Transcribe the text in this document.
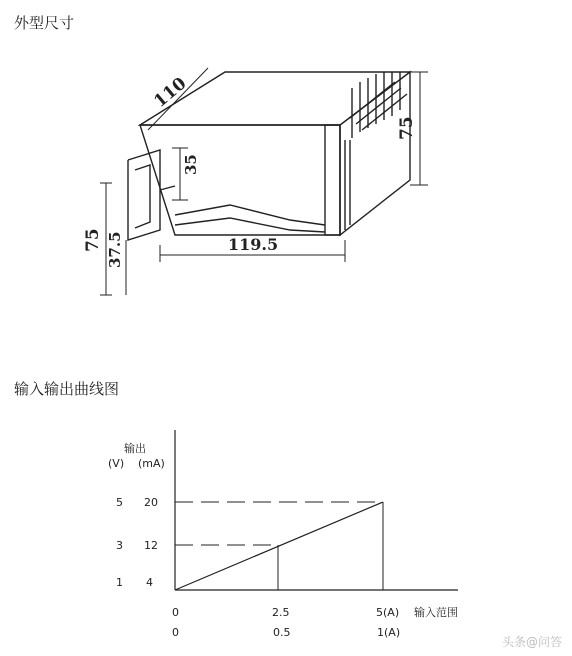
外型尺寸
输入输出曲线图
110
75
75 37.5
35
119.5
输出
(V) (mA)
5 20
3 12
1 4
0	2.5	5(A) 输入范围
0	0.5	1(A)
头条@问答
